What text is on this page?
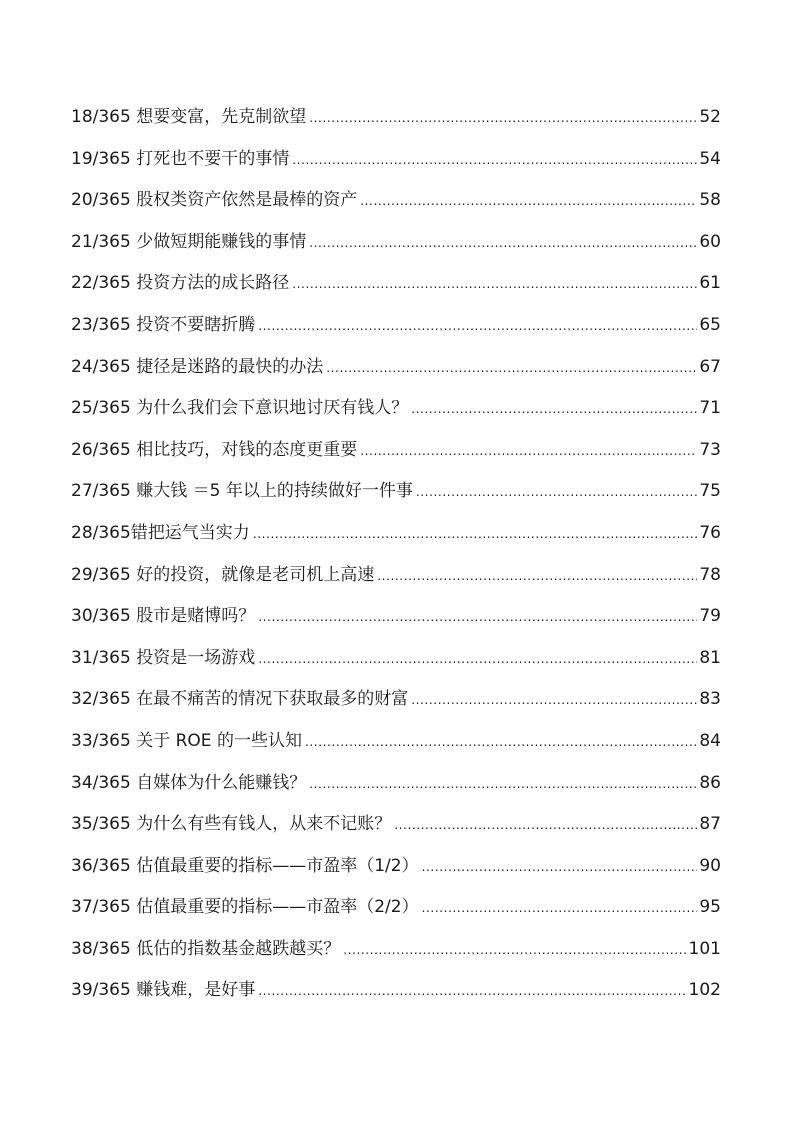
18/365 想要变富，先克制欲望 .....	52
19/365 打死也不要干的事情 .....	54
20/365 股权类资产依然是最棒的资产 .....	58
21/365 少做短期能赚钱的事情 .....	60
22/365 投资方法的成长路径 .....	61
23/365 投资不要瞎折腾 .....	65
24/365 捷径是迷路的最快的办法 .....	67
25/365 为什么我们会下意识地讨厌有钱人？ .....	71
26/365 相比技巧，对钱的态度更重要 .....	73
27/365 赚大钱 ＝5 年以上的持续做好一件事 .....	75
28/365错把运气当实力 .....	76
29/365 好的投资，就像是老司机上高速 .....	78
30/365 股市是赌博吗？ .....	79
31/365 投资是一场游戏 .....	81
32/365 在最不痛苦的情况下获取最多的财富 .....	83
33/365 关于 ROE 的一些认知 .....	84
34/365 自媒体为什么能赚钱？ .....	86
35/365 为什么有些有钱人，从来不记账？ .....	87
36/365 估值最重要的指标——市盈率（1/2） .....	90
37/365 估值最重要的指标——市盈率（2/2） .....	95
38/365 低估的指数基金越跌越买？ .....	101
39/365 赚钱难，是好事 .....	102
